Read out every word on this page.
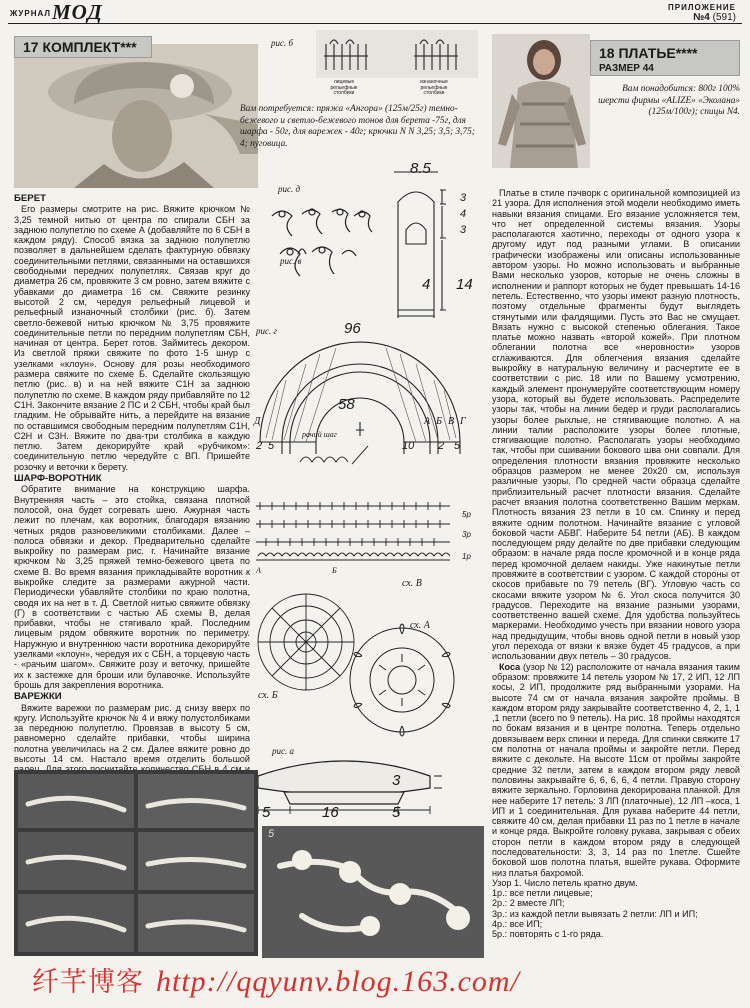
ЖУРНАЛ МОД	ПРИЛОЖЕНИЕ
№4 (591)
17 КОМПЛЕКТ***	рис. б
лицевые рельефные столбики
изнаночные рельефные столбики
Вам потребуется: пряжа «Ангора» (125м/25г) темно-бежевого и светло-бежевого тонов для берета -75г, для шарфа - 50г, для варежек - 40г; крючки N N 3,25; 3,5; 3,75; 4; пуговица.
18 ПЛАТЬЕ****
РАЗМЕР 44
Вам понадобится: 800г 100% шерсти фирмы «ALIZE» «Эколана» (125м/100г); спицы N4.
рис. д
8.5
3
4
3
14
4
рис. в
рис. г	96
58
Д	А Б В Г
2 5	10 2 5
рачий шаг
5р
3р
1р
А	Б
сх. В
сх. А
сх. Б
рис. а
3
5	16	5
БЕРЕТ

Его размеры смотрите на рис. Вяжите крючком № 3,25 темной нитью от центра по спирали СБН за заднюю полупетлю по схеме А (добавляйте по 6 СБН в каждом ряду). Способ вязка за заднюю полупетлю позволяет в дальнейшем сделать фактурную обвязку соединительными петлями, связанными на оставшихся свободными передних полупетлях. Связав круг до диаметра 26 см, провяжите 3 см ровно, затем вяжите с убавками до диаметра 16 см. Свяжите резинку высотой 2 см, чередуя рельефный лицевой и рельефный изнаночный столбики (рис. б). Затем светло-бежевой нитью крючком № 3,75 провяжите соединительные петли по передним полупетлям СБН, начиная от центра. Берет готов. Займитесь декором. Из светлой пряжи свяжите по фото 1-5 шнур с узелками «клоун». Основу для розы необходимого размера свяжите по схеме Б. Сделайте скользящую петлю (рис. в) и на ней вяжите С1Н за заднюю полупетлю по схеме. В каждом ряду прибавляйте по 12 С1Н. Закончите вязание 2 ПС и 2 СБН, чтобы край был гладким. Не обрывайте нить, а перейдите на вязание по оставшимся свободным передним полупетлям С1Н, С2Н и С3Н. Вяжите по два-три столбика в каждую петлю. Затем декорируйте край «рубчиком»: соединительную петлю чередуйте с ВП. Пришейте розочку и веточки к берету.

ШАРФ-ВОРОТНИК

Обратите внимание на конструкцию шарфа. Внутренняя часть – это стойка, связана плотной полосой, она будет согревать шею. Ажурная часть лежит по плечам, как воротник, благодаря вязанию четных рядов разновеликими столбиками. Далее – полоса обвязки и декор. Предварительно сделайте выкройку по размерам рис. г. Начинайте вязание крючком № 3,25 пряжей темно-бежевого цвета по схеме В. Во время вязания прикладывайте воротник к выкройке следите за размерами ажурной части. Периодически убавляйте столбики по краю полотна, сводя их на нет в т. Д. Светлой нитью свяжите обвязку (Г) в соответствии с частью АБ схемы В, делая прибавки, чтобы не стягивало край. Последним лицевым рядом обвяжите воротник по периметру. Наружную и внутреннюю части воротника декорируйте узелками «клоун», чередуя их с СБН, а торцевую часть - «рачьим шагом». Свяжите розу и веточку, пришейте их к застежке для броши или булавочке. Используйте брошь для закрепления воротника.

ВАРЕЖКИ

Вяжите варежки по размерам рис. д снизу вверх по кругу. Используйте крючок № 4 и вяжу полустолбиками за переднюю полупетлю. Провязав в высоту 5 см, равномерно сделайте прибавки, чтобы ширина полотна увеличилась на 2 см. Далее вяжите ровно до высоты 14 см. Настало время отделить большой

5

Платье в стиле пэчворк с оригинальной композицией из 21 узора. Для исполнения этой модели необходимо иметь навыки вязания спицами. Его вязание усложняется тем, что нет определенной системы вязания. Узоры располагаются хаотично, переходы от одного узора к другому идут под разными углами. В описании графически изображены или описаны использованные автором узоры. Но можно использовать и выбранные Вами несколько узоров, которые не очень сложны в исполнении и раппорт которых не будет превышать 14-16 петель. Естественно, что узоры имеют разную плотность, поэтому отдельные фрагменты будут выглядеть стянутыми или фалдящими. Пусть это Вас не смущает. Вязать нужно с высокой степенью облегания. Такое платье можно назвать «второй кожей». При плотном облегании полотна все «неровности» узоров сглаживаются. Для облегчения вязания сделайте выкройку в натуральную величину и расчертите ее в соответствии с рис. 18 или по Вашему усмотрению, каждый элемент пронумеруйте соответствующим номеру узора, который вы будете использовать. Распределите узоры так, чтобы на линии бедер и груди располагались узоры более рыхлые, не стягивающие полотно. А на линии талии расположите узоры более плотные, стягивающие полотно. Располагать узоры необходимо так, чтобы при сшивании бокового шва они совпали. Для определения плотности вязания провяжите несколько образцов размером не менее 20х20 см, используя различные узоры. По средней части образца сделайте приблизительный расчет плотности вязания. Сделайте расчет вязания полотна соответственно Вашим меркам. Плотность вязания 23 петли в 10 см. Спинку и перед вяжите одним полотном. Начинайте вязание с угловой боковой части АБВГ. Наберите 54 петли (АБ). В каждом последующем ряду делайте по две прибавки следующим образом: в начале ряда после кромочной и в конце ряда перед кромочной делаем накиды. Уже накинутые петли провяжите в соответствии с узором. С каждой стороны от скосов прибавьте по 79 петель (ВГ). Угловую часть со скосами вяжите узором № 6. Угол скоса получится 30 градусов. Переходите на вязание разными узорами, соответственно вашей схеме. Для удобства пользуйтесь маркерами. Необходимо учесть при вязании нового узора над предыдущим, чтобы вновь одной петли в новый узор угол перехода от вязки к вязке будет 45 градусов, а при использовании двух петель – 30 градусов.

Коса (узор № 12) расположите от начала вязания таким образом: провяжите 14 петель узором № 17, 2 ИП, 12 ЛП косы, 2 ИП, продолжите ряд выбранными узорами. На высоте 74 см от начала вязания закройте проймы. В каждом втором ряду закрывайте соответственно 4, 2, 1, 1 ,1 петли (всего по 9 петель). На рис. 18 проймы находятся по бокам вязания и в центре полотна. Теперь отдельно довязываем верх спинки и переда. Для спинки свяжите 17 см полотна от начала проймы и закройте петли. Перед вяжите с декольте. На высоте 11см от проймы закройте средние 32 петли, затем в каждом втором ряду левой половины закрывайте 6, 6, 6, 6, 4 петли. Правую сторону вяжите зеркально. Горловина декорирована планкой. Для нее наберите 17 петель: 3 ЛП (платочные), 12 ЛП –коса, 1 ИП и 1 соединительная. Для рукава наберите 44 петли, свяжите 40 см, делая прибавки 11 раз по 1 петле в начале и конце ряда. Выкройте головку рукава, закрывая с обеих сторон петли в каждом втором ряду в следующей последовательности: 3, 3, 14 раз по 1петле. Сшейте боковой шов полотна платья, вшейте рукава. Оформите низ платья бахромой.

Узор 1. Число петель кратно двум.

1р.: все петли лицевые;

2р.: 2 вместе ЛП;

3р.: из каждой петли вывязать 2 петли: ЛП и ИП;

4р.: все ИП;

5р.: повторять с 1-го ряда.

纤芊博客 http://qqyunv.blog.163.com/
